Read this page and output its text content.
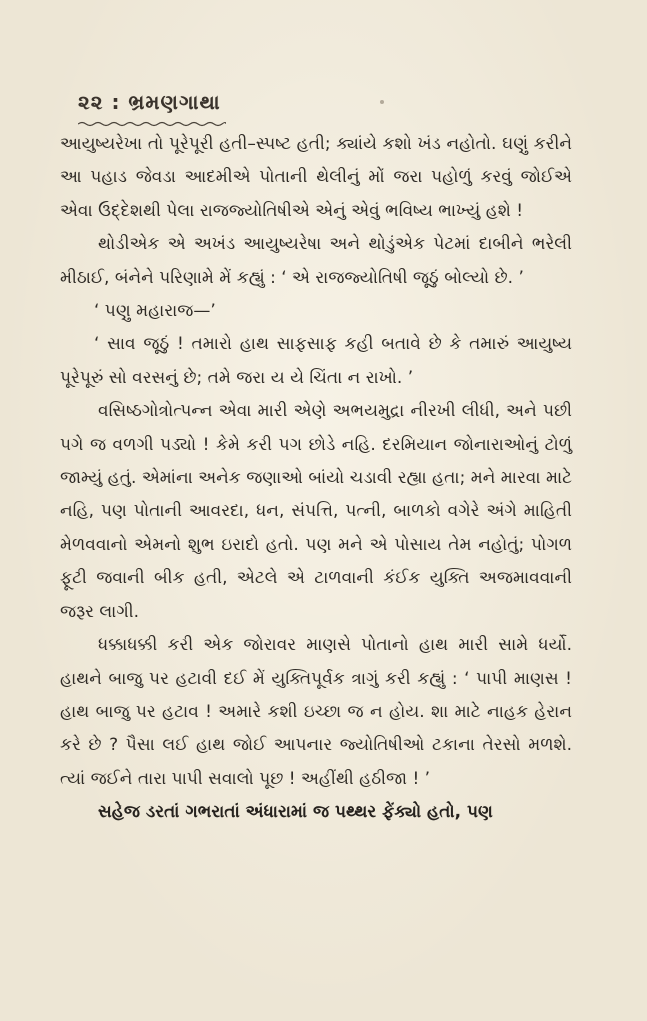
૨૨ : ભ્રમણગાથા

આયુષ્યરેખા તો પૂરેપૂરી હતી–સ્પષ્ટ હતી; ક્યાંયે કશો ખંડ નહોતો. ઘણું કરીને આ પહાડ જેવડા આદમીએ પોતાની થેલીનું મોં જરા પહોળું કરવું જોઈએ એવા ઉદ્દેશથી પેલા રાજજ્યોતિષીએ એનું એવું ભવિષ્ય ભાખ્યું હશે !

થોડીએક એ અખંડ આયુષ્યરેષા અને થોડુંએક પેટમાં દાબીને ભરેલી મીઠાઈ, બંનેને પરિણામે મેં કહ્યું : ‘ એ રાજજ્યોતિષી જૂઠું બોલ્યો છે. ’

‘ પણુ મહારાજ—’

‘ સાવ જૂઠું ! તમારો હાથ સાફસાફ કહી બતાવે છે કે તમારું આયુષ્ય પૂરેપૂરું સો વરસનું છે; તમે જરા ય યે ચિંતા ન રાખો. ’

વસિષ્ઠગોત્રોત્પન્ન એવા મારી એણે અભયમુદ્રા નીરખી લીધી, અને પછી પગે જ વળગી પડ્યો ! કેમે કરી પગ છોડે નહિ. દરમિયાન જોનારાઓનું ટોળું જામ્યું હતું. એમાંના અનેક જણાઓ બાંયો ચડાવી રહ્યા હતા; મને મારવા માટે નહિ, પણ પોતાની આવરદા, ધન, સંપત્તિ, પત્ની, બાળકો વગેરે અંગે માહિતી મેળવવાનો એમનો શુભ ઇરાદો હતો. પણ મને એ પોસાય તેમ નહોતું; પોગળ ફૂટી જવાની બીક હતી, એટલે એ ટાળવાની કંઈક યુક્તિ અજમાવવાની જરૂર લાગી.

ધક્કાધક્કી કરી એક જોરાવર માણસે પોતાનો હાથ મારી સામે ધર્યો. હાથને બાજુ પર હટાવી દઈ મેં યુક્તિપૂર્વક ત્રાગું કરી કહ્યું : ‘ પાપી માણસ ! હાથ બાજુ પર હટાવ ! અમારે કશી ઇચ્છા જ ન હોય. શા માટે નાહક હેરાન કરે છે ? પૈસા લઈ હાથ જોઈ આપનાર જ્યોતિષીઓ ટકાના તેરસો મળશે. ત્યાં જઈને તારા પાપી સવાલો પૂછ ! અહીંથી હઠીજા ! ’

સહેજ ડરતાં ગભરાતાં અંધારામાં જ પથ્થર ફેંક્યો હતો, પણ
